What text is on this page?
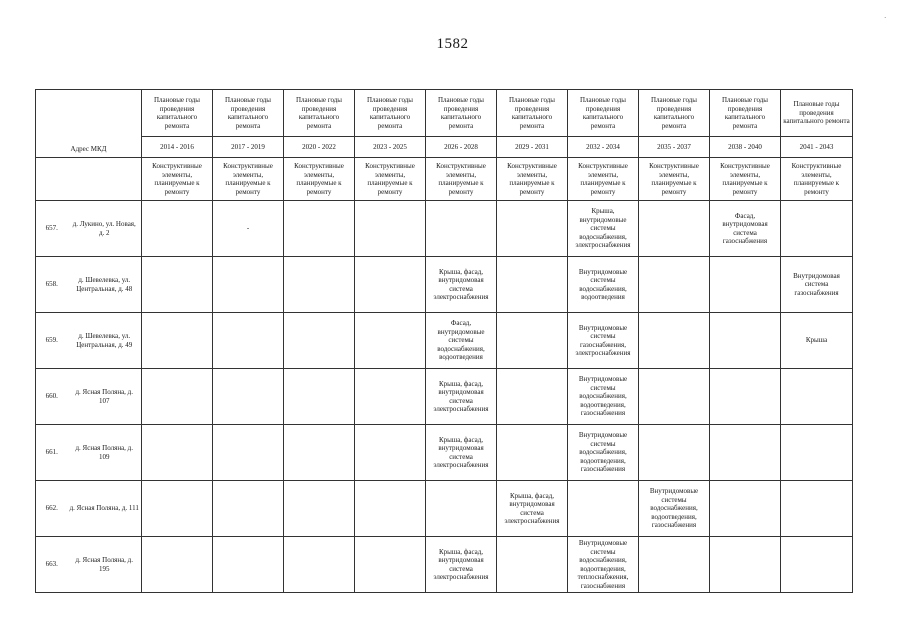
1582
·
Адрес МКД		Плановые годы проведения капитального ремонта	Плановые годы проведения капитального ремонта	Плановые годы проведения капитального ремонта	Плановые годы проведения капитального ремонта	Плановые годы проведения капитального ремонта	Плановые годы проведения капитального ремонта	Плановые годы проведения капитального ремонта	Плановые годы проведения капитального ремонта	Плановые годы проведения капитального ремонта	Плановые годы проведения капитального ремонта
		2014 - 2016	2017 - 2019	2020 - 2022	2023 - 2025	2026 - 2028	2029 - 2031	2032 - 2034	2035 - 2037	2038 - 2040	2041 - 2043
		Конструктивные элементы, планируемые к ремонту	Конструктивные элементы, планируемые к ремонту	Конструктивные элементы, планируемые к ремонту	Конструктивные элементы, планируемые к ремонту	Конструктивные элементы, планируемые к ремонту	Конструктивные элементы, планируемые к ремонту	Конструктивные элементы, планируемые к ремонту	Конструктивные элементы, планируемые к ремонту	Конструктивные элементы, планируемые к ремонту	Конструктивные элементы, планируемые к ремонту
657.	д. Лукино, ул. Новая, д. 2		-					Крыша, внутридомовые системы водоснабжения, электроснабжения		Фасад, внутридомовая система газоснабжения	
658.	д. Шевелевка, ул. Центральная, д. 48					Крыша, фасад, внутридомовая система электроснабжения		Внутридомовые системы водоснабжения, водоотведения			Внутридомовая система газоснабжения
659.	д. Шевелевка, ул. Центральная, д. 49					Фасад, внутридомовые системы водоснабжения, водоотведения		Внутридомовые системы газоснабжения, электроснабжения			Крыша
660.	д. Ясная Поляна, д. 107					Крыша, фасад, внутридомовая система электроснабжения		Внутридомовые системы водоснабжения, водоотведения, газоснабжения			
661.	д. Ясная Поляна, д. 109					Крыша, фасад, внутридомовая система электроснабжения		Внутридомовые системы водоснабжения, водоотведения, газоснабжения			
662.	д. Ясная Поляна, д. 111						Крыша, фасад, внутридомовая система электроснабжения		Внутридомовые системы водоснабжения, водоотведения, газоснабжения		
663.	д. Ясная Поляна, д. 195					Крыша, фасад, внутридомовая система электроснабжения		Внутридомовые системы водоснабжения, водоотведения, теплоснабжения, газоснабжения			
